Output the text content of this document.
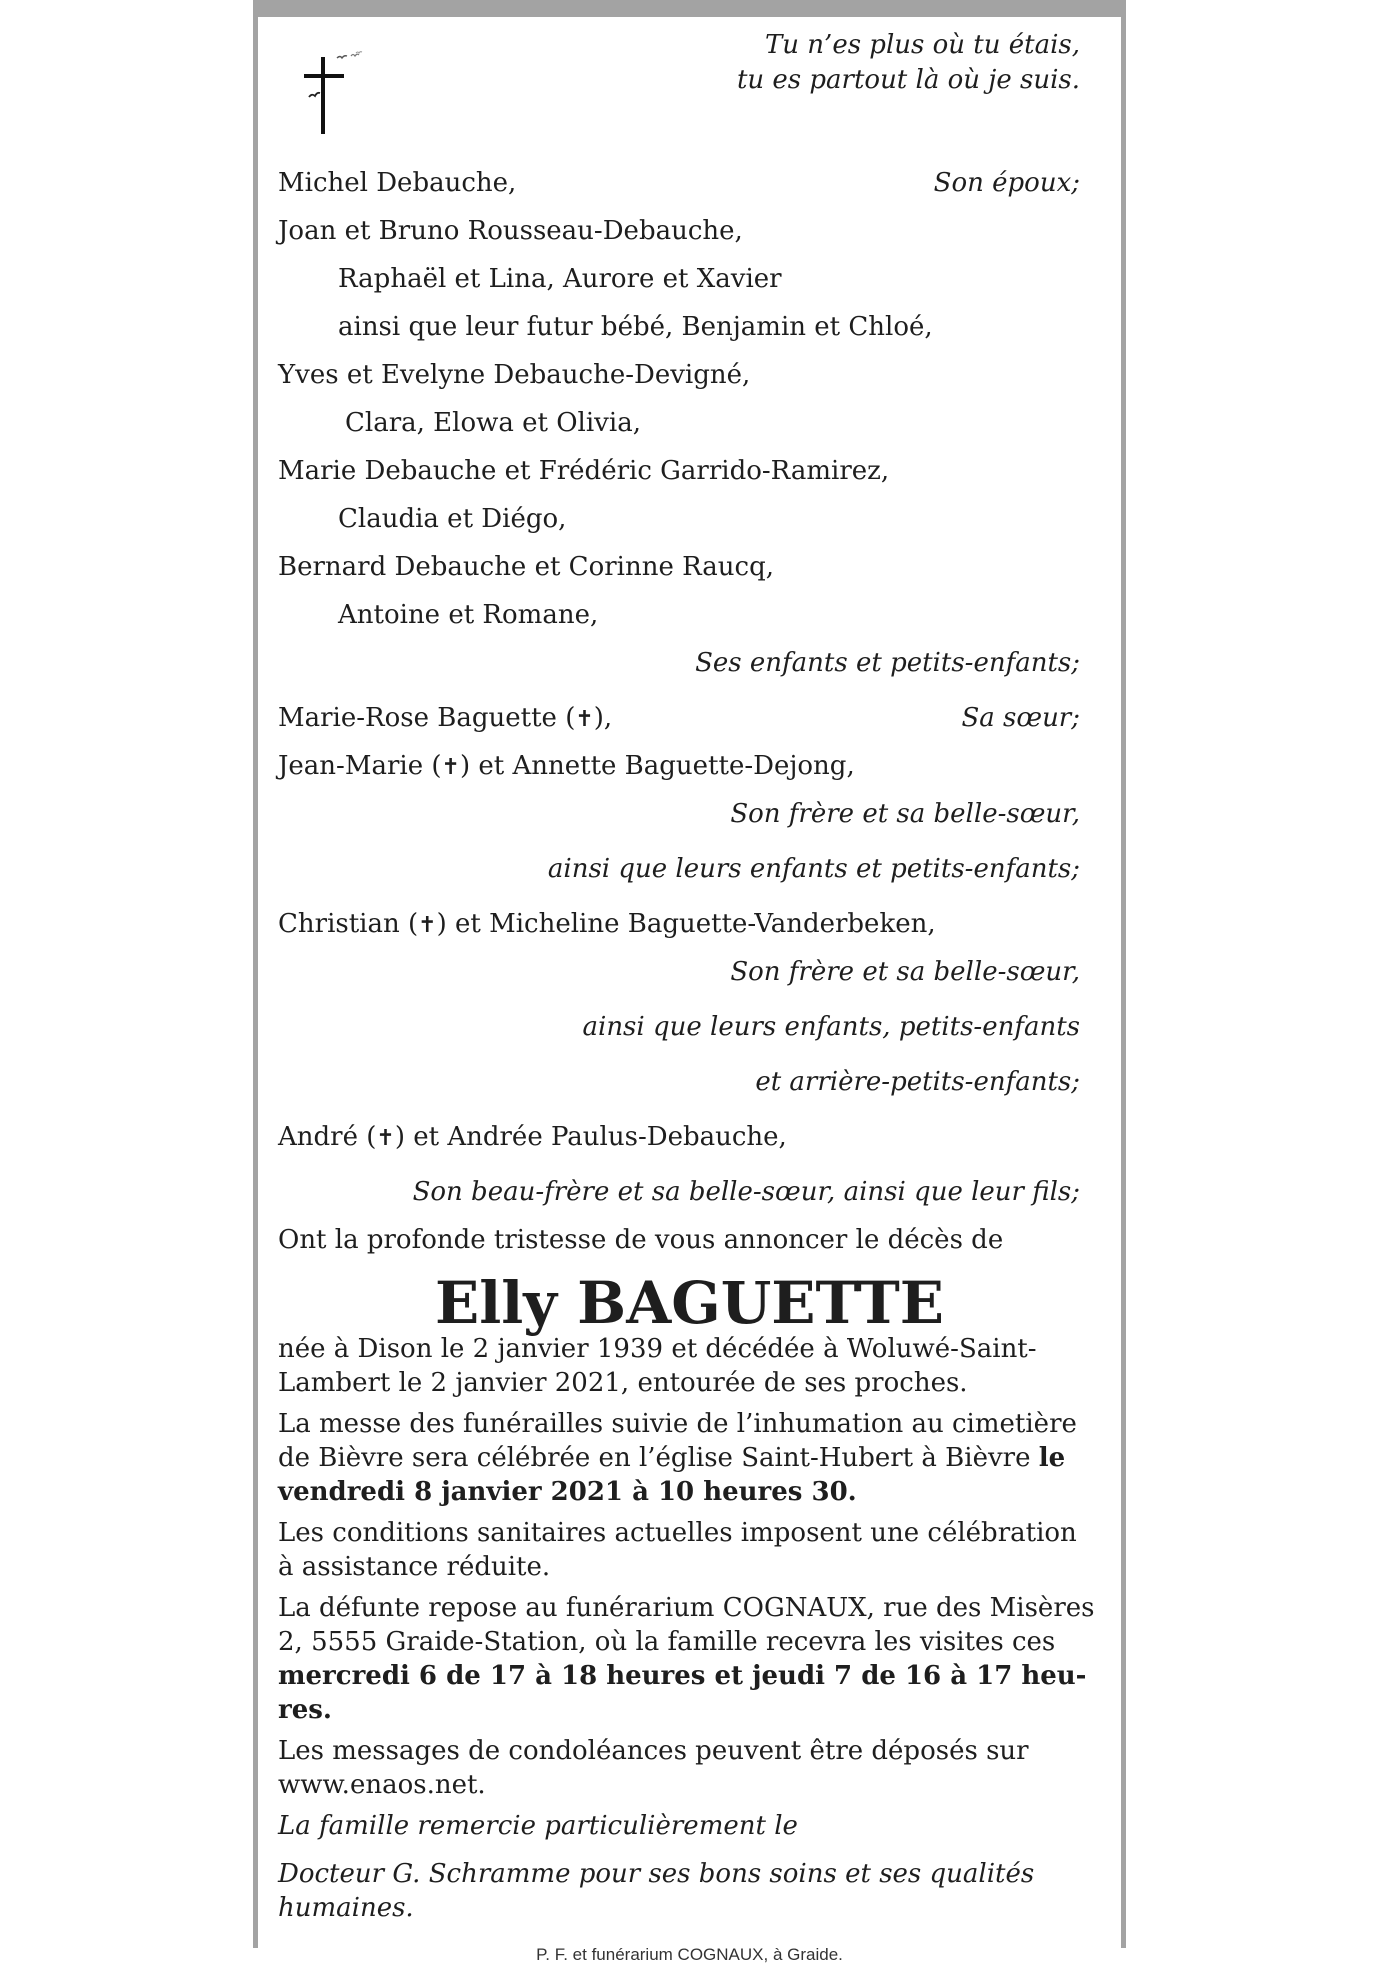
Tu n’es plus où tu étais,
tu es partout là où je suis.
Michel Debauche,	Son époux;
Joan et Bruno Rousseau-Debauche,
Raphaël et Lina, Aurore et Xavier
ainsi que leur futur bébé, Benjamin et Chloé,
Yves et Evelyne Debauche-Devigné,
Clara, Elowa et Olivia,
Marie Debauche et Frédéric Garrido-Ramirez,
Claudia et Diégo,
Bernard Debauche et Corinne Raucq,
Antoine et Romane,
Ses enfants et petits-enfants;
Marie-Rose Baguette (✝),	Sa sœur;
Jean-Marie (✝) et Annette Baguette-Dejong,
Son frère et sa belle-sœur,
ainsi que leurs enfants et petits-enfants;
Christian (✝) et Micheline Baguette-Vanderbeken,
Son frère et sa belle-sœur,
ainsi que leurs enfants, petits-enfants
et arrière-petits-enfants;
André (✝) et Andrée Paulus-Debauche,
Son beau-frère et sa belle-sœur, ainsi que leur fils;
Ont la profonde tristesse de vous annoncer le décès de
Elly BAGUETTE
née à Dison le 2 janvier 1939 et décédée à Woluwé-Saint-
Lambert le 2 janvier 2021, entourée de ses proches.
La messe des funérailles suivie de l’inhumation au cimetière
de Bièvre sera célébrée en l’église Saint-Hubert à Bièvre le
vendredi 8 janvier 2021 à 10 heures 30.
Les conditions sanitaires actuelles imposent une célébration
à assistance réduite.
La défunte repose au funérarium COGNAUX, rue des Misères
2, 5555 Graide-Station, où la famille recevra les visites ces
mercredi 6 de 17 à 18 heures et jeudi 7 de 16 à 17 heu-
res.
Les messages de condoléances peuvent être déposés sur
www.enaos.net.
La famille remercie particulièrement le
Docteur G. Schramme pour ses bons soins et ses qualités
humaines.
P. F. et funérarium COGNAUX, à Graide.
